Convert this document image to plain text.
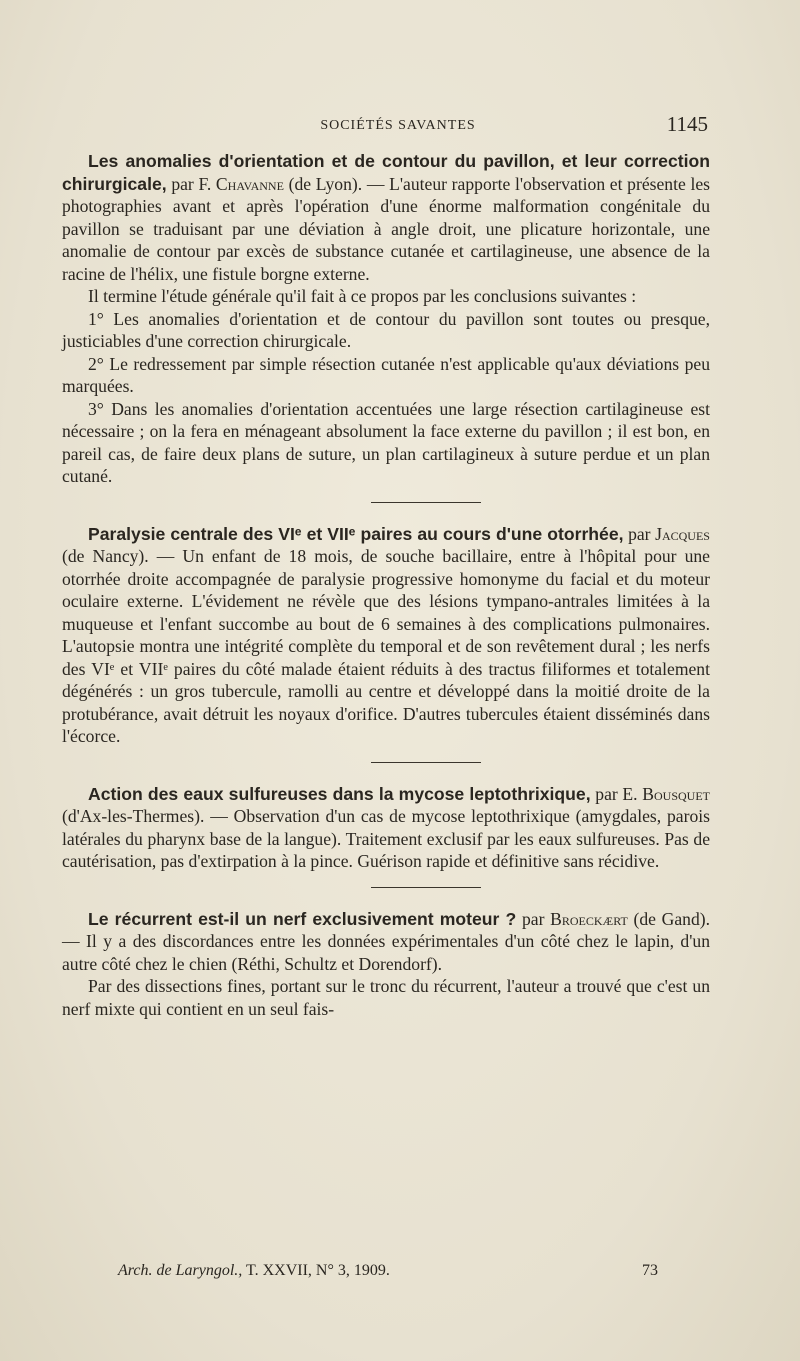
SOCIÉTÉS SAVANTES	1145

Les anomalies d'orientation et de contour du pavillon, et leur correction chirurgicale, par F. Chavanne (de Lyon). — L'auteur rapporte l'observation et présente les photographies avant et après l'opération d'une énorme malformation congénitale du pavillon se traduisant par une déviation à angle droit, une plicature horizontale, une anomalie de contour par excès de substance cutanée et cartilagineuse, une absence de la racine de l'hélix, une fistule borgne externe.

Il termine l'étude générale qu'il fait à ce propos par les conclusions suivantes :

1° Les anomalies d'orientation et de contour du pavillon sont toutes ou presque, justiciables d'une correction chirurgicale.

2° Le redressement par simple résection cutanée n'est applicable qu'aux déviations peu marquées.

3° Dans les anomalies d'orientation accentuées une large résection cartilagineuse est nécessaire ; on la fera en ménageant absolument la face externe du pavillon ; il est bon, en pareil cas, de faire deux plans de suture, un plan cartilagineux à suture perdue et un plan cutané.

Paralysie centrale des VIᵉ et VIIᵉ paires au cours d'une otorrhée, par Jacques (de Nancy). — Un enfant de 18 mois, de souche bacillaire, entre à l'hôpital pour une otorrhée droite accompagnée de paralysie progressive homonyme du facial et du moteur oculaire externe. L'évidement ne révèle que des lésions tympano-antrales limitées à la muqueuse et l'enfant succombe au bout de 6 semaines à des complications pulmonaires. L'autopsie montra une intégrité complète du temporal et de son revêtement dural ; les nerfs des VIᵉ et VIIᵉ paires du côté malade étaient réduits à des tractus filiformes et totalement dégénérés : un gros tubercule, ramolli au centre et développé dans la moitié droite de la protubérance, avait détruit les noyaux d'orifice. D'autres tubercules étaient disséminés dans l'écorce.

Action des eaux sulfureuses dans la mycose leptothrixique, par E. Bousquet (d'Ax-les-Thermes). — Observation d'un cas de mycose leptothrixique (amygdales, parois latérales du pharynx base de la langue). Traitement exclusif par les eaux sulfureuses. Pas de cautérisation, pas d'extirpation à la pince. Guérison rapide et définitive sans récidive.

Le récurrent est-il un nerf exclusivement moteur ? par Broeckært (de Gand). — Il y a des discordances entre les données expérimentales d'un côté chez le lapin, d'un autre côté chez le chien (Réthi, Schultz et Dorendorf).

Par des dissections fines, portant sur le tronc du récurrent, l'auteur a trouvé que c'est un nerf mixte qui contient en un seul fais-

Arch. de Laryngol., T. XXVII, N° 3, 1909.	73
